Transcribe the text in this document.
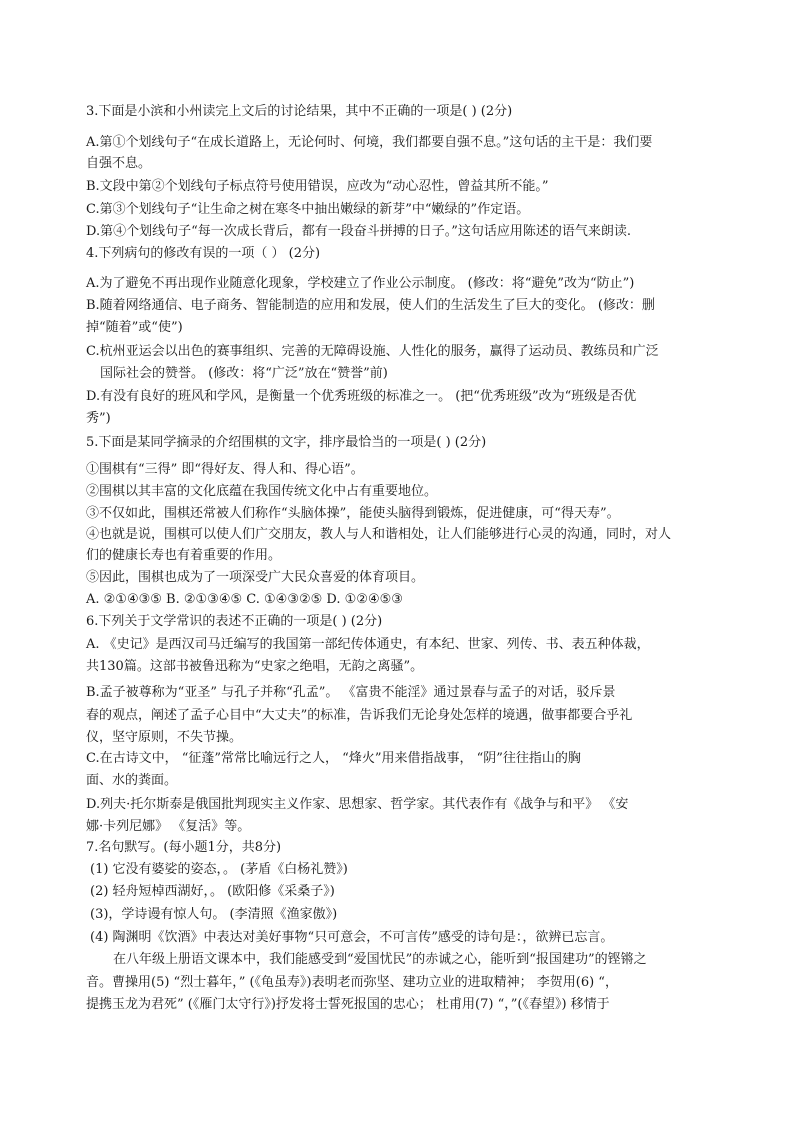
3.下面是小滨和小州读完上文后的讨论结果，其中不正确的一项是( ) (2分)
A.第①个划线句子“在成长道路上，无论何时、何境，我们都要自强不息。”这句话的主干是：我们要
自强不息。
B.文段中第②个划线句子标点符号使用错误，应改为“动心忍性，曾益其所不能。”
C.第③个划线句子“让生命之树在寒冬中抽出嫩绿的新芽”中“嫩绿的”作定语。
D.第④个划线句子“每一次成长背后，都有一段奋斗拼搏的日子。”这句话应用陈述的语气来朗读.
4.下列病句的修改有误的一项（ ） (2分)
A.为了避免不再出现作业随意化现象，学校建立了作业公示制度。 (修改：将“避免”改为“防止”)
B.随着网络通信、电子商务、智能制造的应用和发展，使人们的生活发生了巨大的变化。 (修改：删
掉“随着”或“使”)
C.杭州亚运会以出色的赛事组织、完善的无障碍设施、人性化的服务，赢得了运动员、教练员和广泛
国际社会的赞誉。 (修改：将“广泛”放在“赞誉”前)
D.有没有良好的班风和学风，是衡量一个优秀班级的标准之一。 (把“优秀班级”改为“班级是否优
秀”)
5.下面是某同学摘录的介绍围棋的文字，排序最恰当的一项是( ) (2分)
①围棋有“三得” 即“得好友、得人和、得心语”。
②围棋以其丰富的文化底蕴在我国传统文化中占有重要地位。
③不仅如此，围棋还常被人们称作“头脑体操”，能使头脑得到锻炼，促进健康，可“得天寿”。
④也就是说，围棋可以使人们广交朋友，教人与人和谐相处，让人们能够进行心灵的沟通，同时，对人
们的健康长寿也有着重要的作用。
⑤因此，围棋也成为了一项深受广大民众喜爱的体育项目。
A. ②①④③⑤ B. ②①③④⑤ C. ①④③②⑤ D. ①②④⑤③
6.下列关于文学常识的表述不正确的一项是( ) (2分)
A. 《史记》是西汉司马迁编写的我国第一部纪传体通史，有本纪、世家、列传、书、表五种体裁，
共130篇。这部书被鲁迅称为“史家之绝唱，无韵之离骚”。
B.孟子被尊称为“亚圣” 与孔子并称“孔孟”。 《富贵不能淫》通过景春与孟子的对话，驳斥景
春的观点，阐述了孟子心目中“大丈夫”的标准，告诉我们无论身处怎样的境遇，做事都要合乎礼
仪，坚守原则，不失节操。
C.在古诗文中， “征蓬”常常比喻远行之人， “烽火”用来借指战事， “阴”往往指山的胸
面、水的粪面。
D.列夫·托尔斯泰是俄国批判现实主义作家、思想家、哲学家。其代表作有《战争与和平》 《安
娜·卡列尼娜》 《复活》等。
7.名句默写。(每小题1分，共8分)
(1) 它没有婆娑的姿态，。 (茅盾《白杨礼赞》)
(2) 轻舟短棹西湖好，。 (欧阳修《采桑子》)
(3)，学诗谩有惊人句。 (李清照《渔家傲》)
(4) 陶渊明《饮酒》中表达对美好事物“只可意会，不可言传”感受的诗句是：，欲辨已忘言。
在八年级上册语文课本中，我们能感受到“爱国忧民”的赤诚之心，能听到“报国建功”的铿锵之
音。曹操用(5) “烈士暮年，” (《龟虽寿》)表明老而弥坚、建功立业的进取精神； 李贺用(6) “，
提携玉龙为君死” (《雁门太守行》)抒发将士誓死报国的忠心； 杜甫用(7) “，”(《春望》) 移情于
